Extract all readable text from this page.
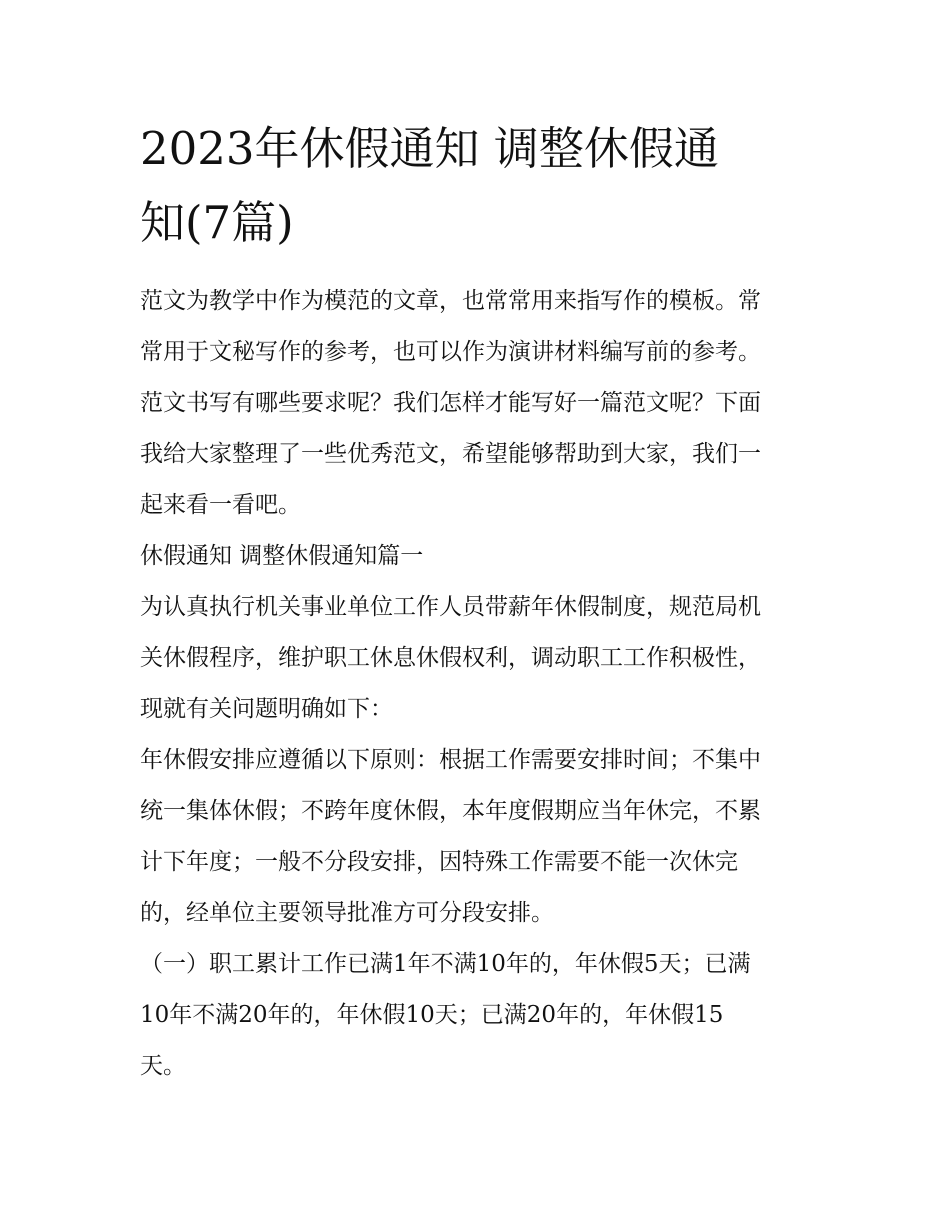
2023年休假通知 调整休假通
知(7篇)

范文为教学中作为模范的文章，也常常用来指写作的模板。常
常用于文秘写作的参考，也可以作为演讲材料编写前的参考。
范文书写有哪些要求呢？我们怎样才能写好一篇范文呢？下面
我给大家整理了一些优秀范文，希望能够帮助到大家，我们一
起来看一看吧。

休假通知 调整休假通知篇一

为认真执行机关事业单位工作人员带薪年休假制度，规范局机
关休假程序，维护职工休息休假权利，调动职工工作积极性，
现就有关问题明确如下：

年休假安排应遵循以下原则：根据工作需要安排时间；不集中
统一集体休假；不跨年度休假，本年度假期应当年休完，不累
计下年度；一般不分段安排，因特殊工作需要不能一次休完
的，经单位主要领导批准方可分段安排。

（一）职工累计工作已满1年不满10年的，年休假5天；已满
10年不满20年的，年休假10天；已满20年的，年休假15
天。
